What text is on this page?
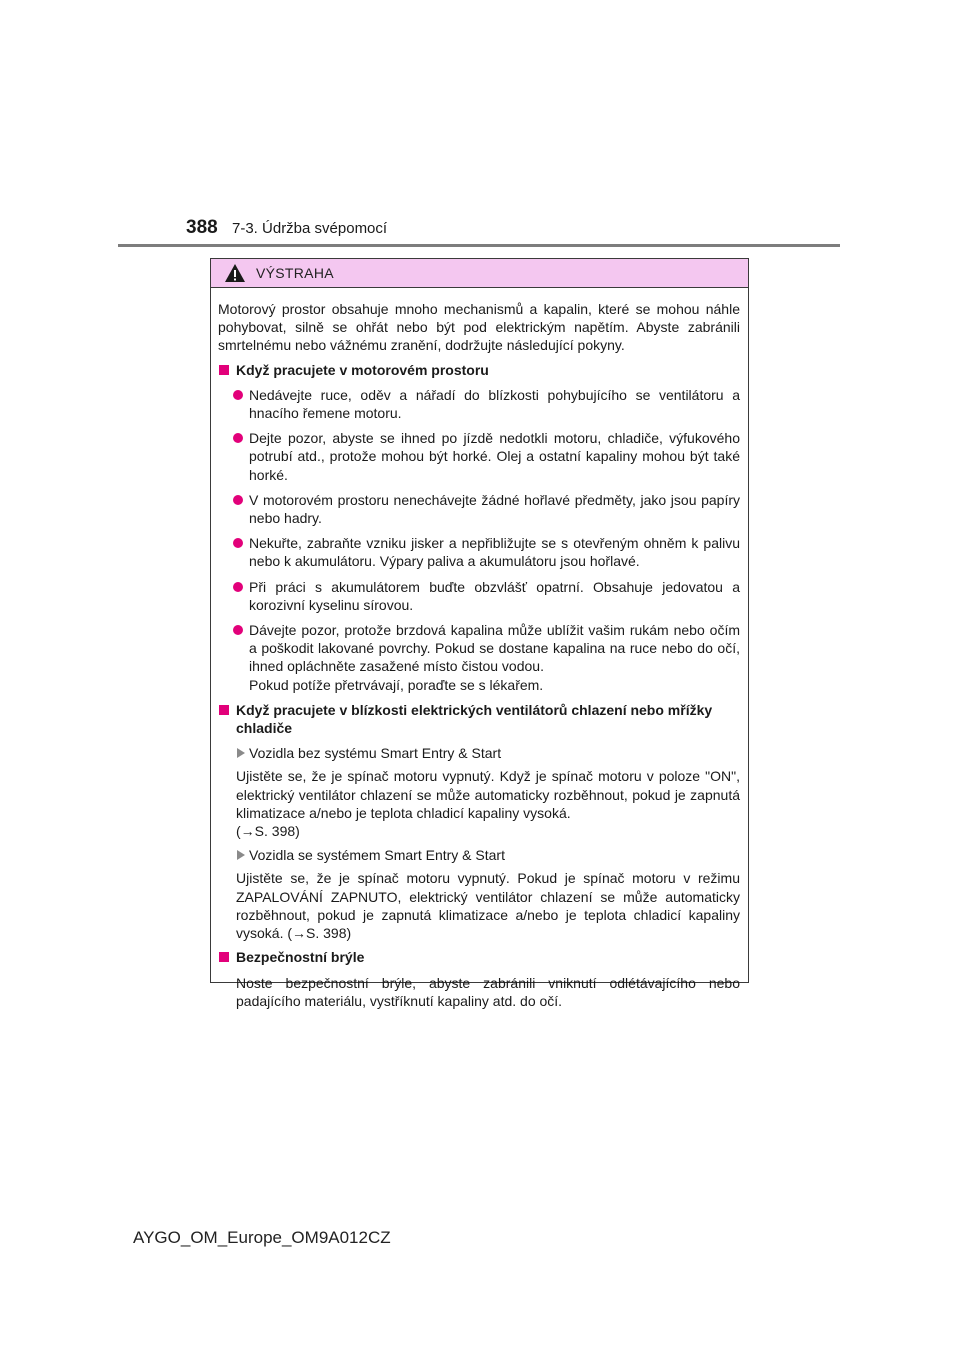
388 7-3. Údržba svépomocí
VÝSTRAHA

Motorový prostor obsahuje mnoho mechanismů a kapalin, které se mohou náhle pohybovat, silně se ohřát nebo být pod elektrickým napětím. Abyste zabránili smrtelnému nebo vážnému zranění, dodržujte následující pokyny.

Když pracujete v motorovém prostoru

Nedávejte ruce, oděv a nářadí do blízkosti pohybujícího se ventilátoru a hnacího řemene motoru.

Dejte pozor, abyste se ihned po jízdě nedotkli motoru, chladiče, výfukového potrubí atd., protože mohou být horké. Olej a ostatní kapaliny mohou být také horké.

V motorovém prostoru nenechávejte žádné hořlavé předměty, jako jsou papíry nebo hadry.

Nekuřte, zabraňte vzniku jisker a nepřibližujte se s otevřeným ohněm k palivu nebo k akumulátoru. Výpary paliva a akumulátoru jsou hořlavé.

Při práci s akumulátorem buďte obzvlášť opatrní. Obsahuje jedovatou a korozivní kyselinu sírovou.

Dávejte pozor, protože brzdová kapalina může ublížit vašim rukám nebo očím a poškodit lakované povrchy. Pokud se dostane kapalina na ruce nebo do očí, ihned opláchněte zasažené místo čistou vodou.
Pokud potíže přetrvávají, poraďte se s lékařem.

Když pracujete v blízkosti elektrických ventilátorů chlazení nebo mřížky chladiče

Vozidla bez systému Smart Entry & Start

Ujistěte se, že je spínač motoru vypnutý. Když je spínač motoru v poloze "ON", elektrický ventilátor chlazení se může automaticky rozběhnout, pokud je zapnutá klimatizace a/nebo je teplota chladicí kapaliny vysoká.
(→S. 398)

Vozidla se systémem Smart Entry & Start

Ujistěte se, že je spínač motoru vypnutý. Pokud je spínač motoru v režimu ZAPALOVÁNÍ ZAPNUTO, elektrický ventilátor chlazení se může automaticky rozběhnout, pokud je zapnutá klimatizace a/nebo je teplota chladicí kapaliny vysoká. (→S. 398)

Bezpečnostní brýle

Noste bezpečnostní brýle, abyste zabránili vniknutí odlétávajícího nebo padajícího materiálu, vystříknutí kapaliny atd. do očí.

AYGO_OM_Europe_OM9A012CZ
